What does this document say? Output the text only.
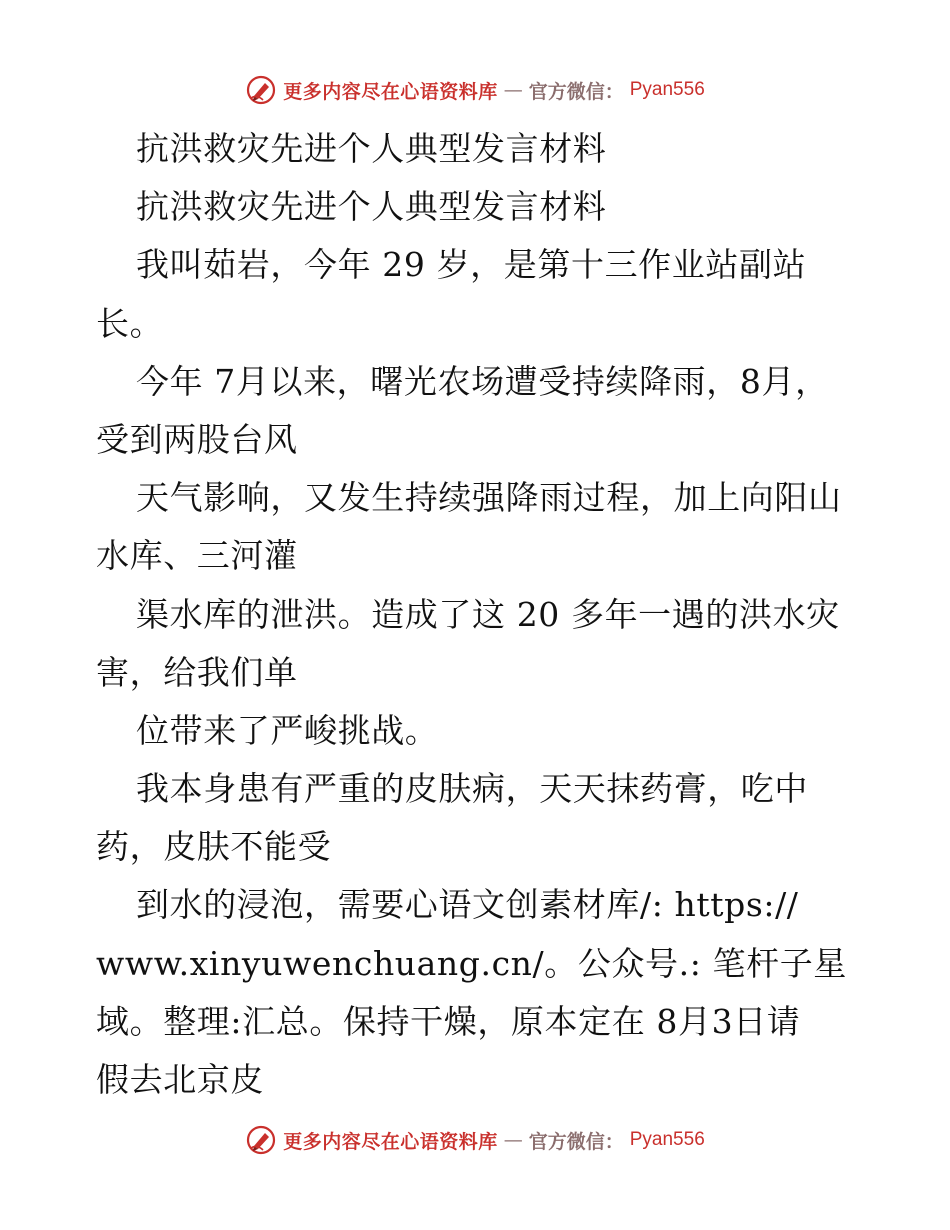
更多内容尽在心语资料库 — 官方微信： Pyan556
抗洪救灾先进个人典型发言材料
抗洪救灾先进个人典型发言材料
我叫茹岩，今年 29 岁，是第十三作业站副站
长。
今年 7月以来，曙光农场遭受持续降雨，8月，
受到两股台风
天气影响，又发生持续强降雨过程，加上向阳山
水库、三河灌
渠水库的泄洪。造成了这 20 多年一遇的洪水灾
害，给我们单
位带来了严峻挑战。
我本身患有严重的皮肤病，天天抹药膏，吃中
药，皮肤不能受
到水的浸泡，需要心语文创素材库/: https://
www.xinyuwenchuang.cn/。公众号.: 笔杆子星
域。整理:汇总。保持干燥，原本定在 8月3日请
假去北京皮
更多内容尽在心语资料库 — 官方微信： Pyan556
